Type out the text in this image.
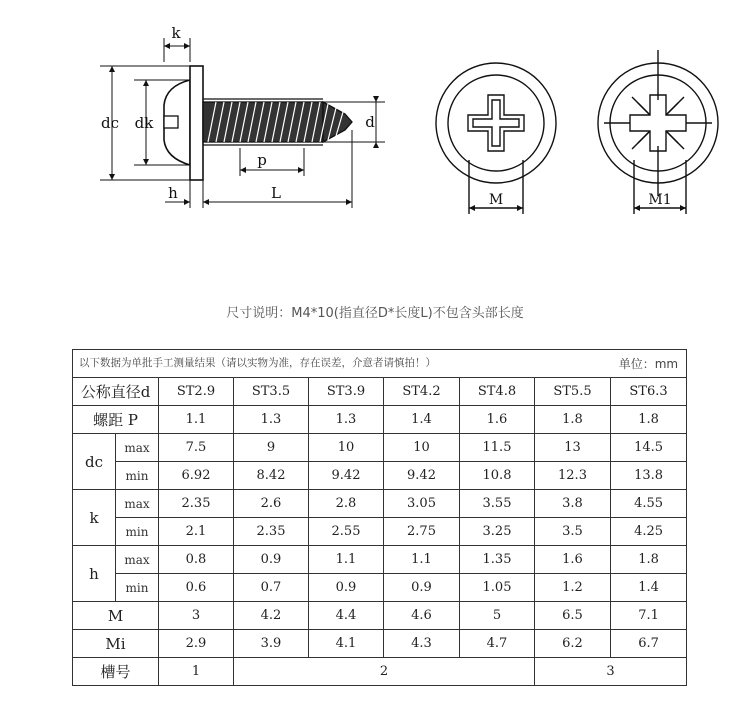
k
dc dk	d
p
h	L	M	M1
尺寸说明：M4*10(指直径D*长度L)不包含头部长度
以下数据为单批手工测量结果（请以实物为准，存在误差，介意者请慎拍！） 单位：mm								

公称直径d		ST2.9	ST3.5	ST3.9	ST4.2	ST4.8	ST5.5	ST6.3
螺距 P		1.1	1.3	1.3	1.4	1.6	1.8	1.8
dc	max	7.5	9	10	10	11.5	13	14.5
	min	6.92	8.42	9.42	9.42	10.8	12.3	13.8
k	max	2.35	2.6	2.8	3.05	3.55	3.8	4.55
	min	2.1	2.35	2.55	2.75	3.25	3.5	4.25
h	max	0.8	0.9	1.1	1.1	1.35	1.6	1.8
	min	0.6	0.7	0.9	0.9	1.05	1.2	1.4
M		3	4.2	4.4	4.6	5	6.5	7.1
Mi		2.9	3.9	4.1	4.3	4.7	6.2	6.7
槽号		1	2				3	
